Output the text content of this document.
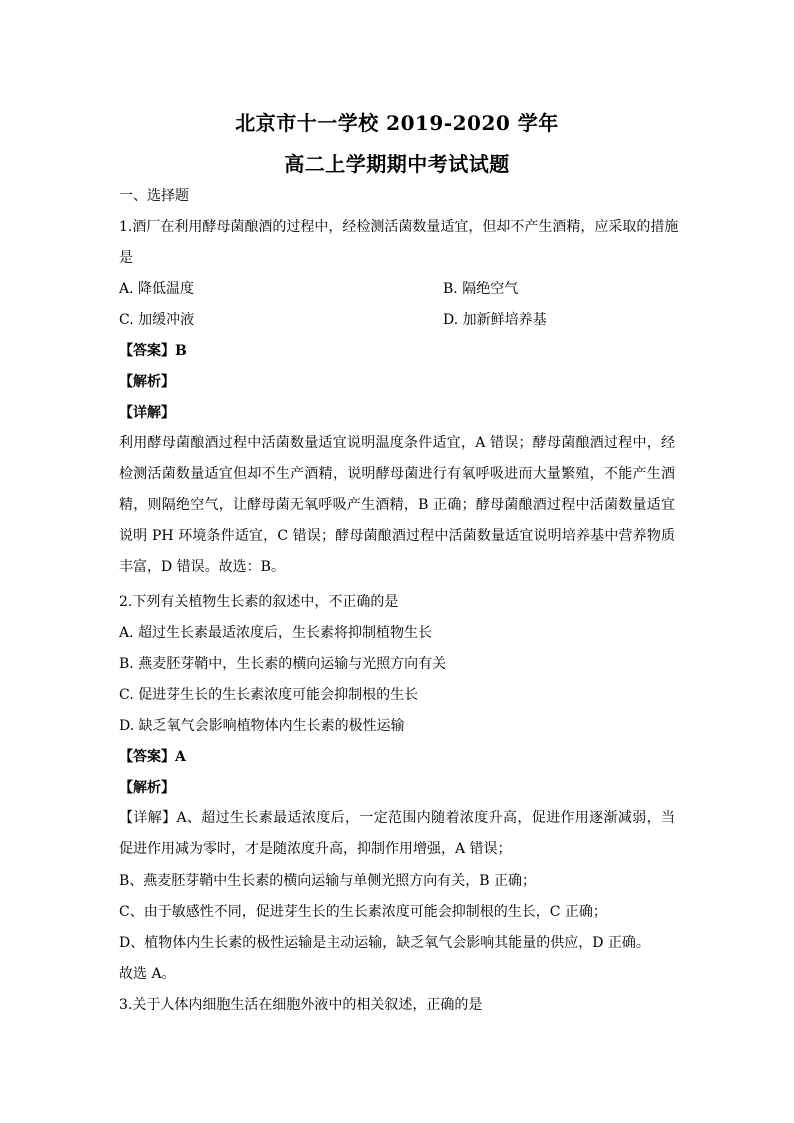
北京市十一学校 2019-2020 学年
高二上学期期中考试试题
一、选择题
1.酒厂在利用酵母菌酿酒的过程中，经检测活菌数量适宜，但却不产生酒精，应采取的措施
是
A. 降低温度	B. 隔绝空气
C. 加缓冲液	D. 加新鲜培养基
【答案】B
【解析】
【详解】
利用酵母菌酿酒过程中活菌数量适宜说明温度条件适宜，A 错误；酵母菌酿酒过程中，经检测活菌数量适宜但却不生产酒精，说明酵母菌进行有氧呼吸进而大量繁殖，不能产生酒精，则隔绝空气，让酵母菌无氧呼吸产生酒精，B 正确；酵母菌酿酒过程中活菌数量适宜说明 PH 环境条件适宜，C 错误；酵母菌酿酒过程中活菌数量适宜说明培养基中营养物质丰富，D 错误。故选：B。
2.下列有关植物生长素的叙述中，不正确的是
A. 超过生长素最适浓度后，生长素将抑制植物生长
B. 燕麦胚芽鞘中，生长素的横向运输与光照方向有关
C. 促进芽生长的生长素浓度可能会抑制根的生长
D. 缺乏氧气会影响植物体内生长素的极性运输
【答案】A
【解析】
【详解】A、超过生长素最适浓度后，一定范围内随着浓度升高，促进作用逐渐减弱，当促进作用减为零时，才是随浓度升高，抑制作用增强，A 错误；
B、燕麦胚芽鞘中生长素的横向运输与单侧光照方向有关，B 正确；
C、由于敏感性不同，促进芽生长的生长素浓度可能会抑制根的生长，C 正确；
D、植物体内生长素的极性运输是主动运输，缺乏氧气会影响其能量的供应，D 正确。
故选 A。
3.关于人体内细胞生活在细胞外液中的相关叙述，正确的是
